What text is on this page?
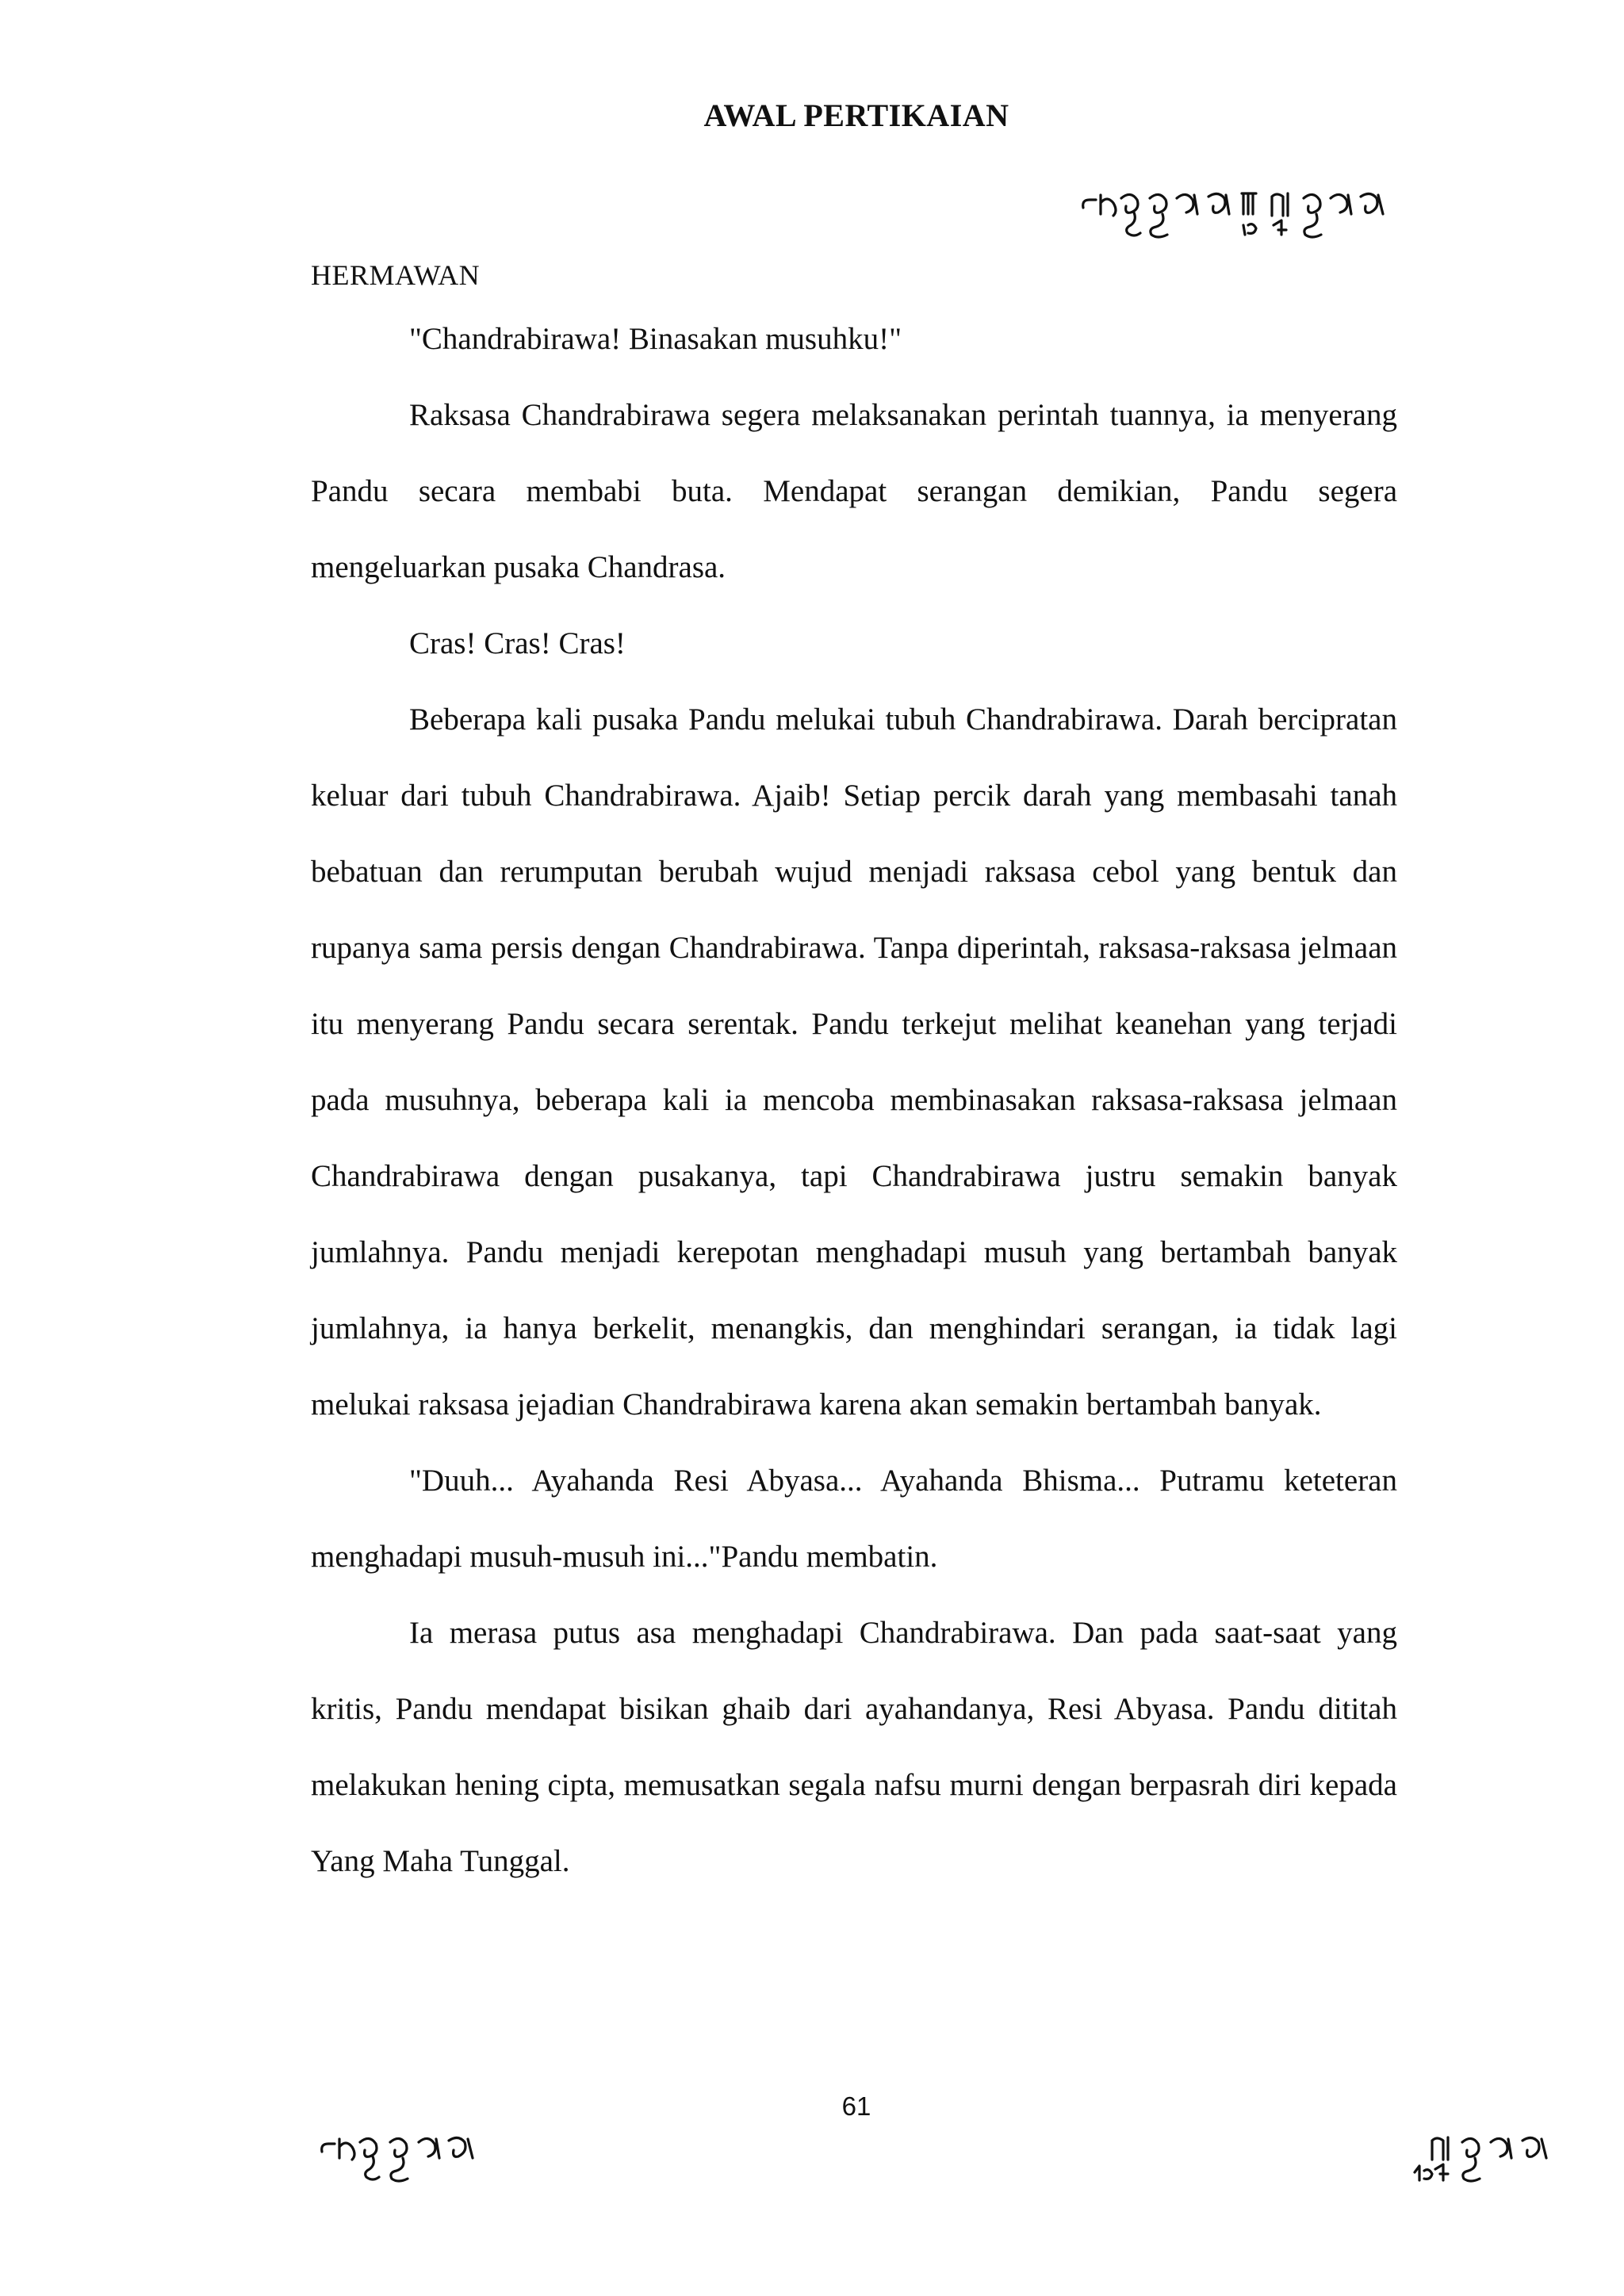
AWAL PERTIKAIAN
HERMAWAN

"Chandrabirawa! Binasakan musuhku!"

Raksasa Chandrabirawa segera melaksanakan perintah tuannya, ia menyerang Pandu secara membabi buta. Mendapat serangan demikian, Pandu segera mengeluarkan pusaka Chandrasa.

Cras! Cras! Cras!

Beberapa kali pusaka Pandu melukai tubuh Chandrabirawa. Darah bercipratan keluar dari tubuh Chandrabirawa. Ajaib! Setiap percik darah yang membasahi tanah bebatuan dan rerumputan berubah wujud menjadi raksasa cebol yang bentuk dan rupanya sama persis dengan Chandrabirawa. Tanpa diperintah, raksasa-raksasa jelmaan itu menyerang Pandu secara serentak. Pandu terkejut melihat keanehan yang terjadi pada musuhnya, beberapa kali ia mencoba membinasakan raksasa-raksasa jelmaan Chandrabirawa dengan pusakanya, tapi Chandrabirawa justru semakin banyak jumlahnya. Pandu menjadi kerepotan menghadapi musuh yang bertambah banyak jumlahnya, ia hanya berkelit, menangkis, dan menghindari serangan, ia tidak lagi melukai raksasa jejadian Chandrabirawa karena akan semakin bertambah banyak.

"Duuh... Ayahanda Resi Abyasa... Ayahanda Bhisma... Putramu keteteran menghadapi musuh-musuh ini..."Pandu membatin.

Ia merasa putus asa menghadapi Chandrabirawa. Dan pada saat-saat yang kritis, Pandu mendapat bisikan ghaib dari ayahandanya, Resi Abyasa. Pandu dititah melakukan hening cipta, memusatkan segala nafsu murni dengan berpasrah diri kepada Yang Maha Tunggal.

61
